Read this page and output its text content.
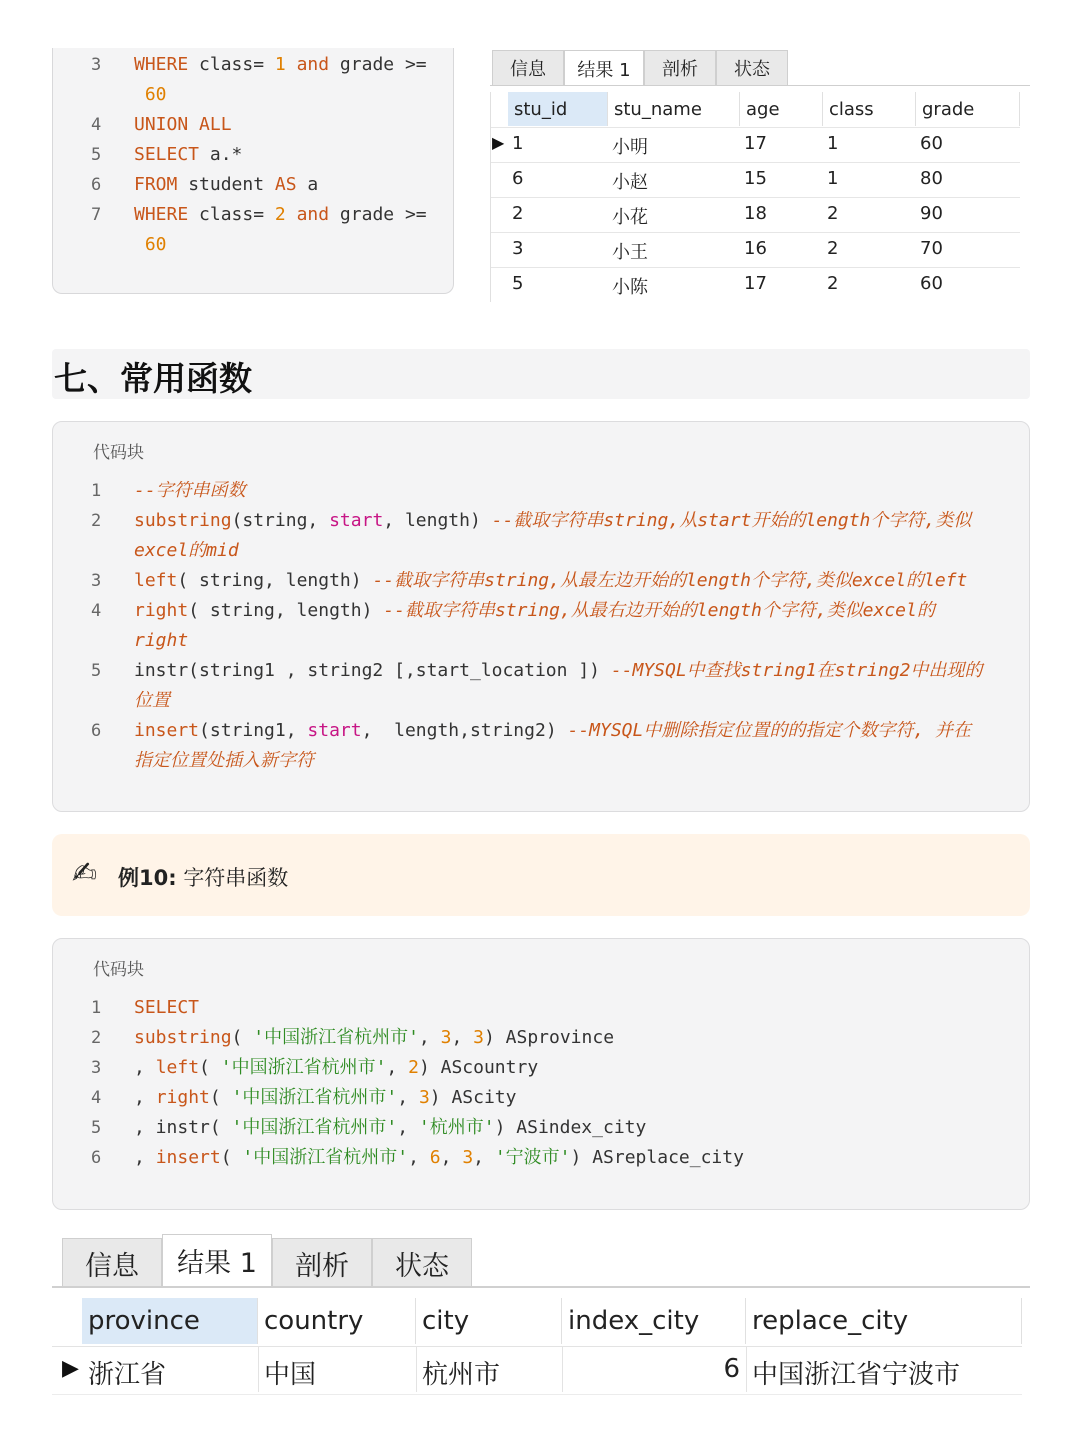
3 WHERE class= 1 and grade >=
60
4 UNION ALL
5 SELECT a.*
6 FROM student AS a
7 WHERE class= 2 and grade >=
60
信息 结果 1 剖析 状态
stu_id	stu_name	age	class	grade
▶ 1	小明	17	1	60
6	小赵	15	1	80
2	小花	18	2	90
3	小王	16	2	70
5	小陈	17	2	60
七、常用函数
代码块
1 --字符串函数
2 substring(string, start, length) --截取字符串string,从start开始的length个字符,类似
excel的mid
3 left( string, length) --截取字符串string,从最左边开始的length个字符,类似excel的left
4 right( string, length) --截取字符串string,从最右边开始的length个字符,类似excel的
right
5 instr(string1 , string2 [,start_location ]) --MYSQL中查找string1在string2中出现的
位置
6 insert(string1, start,  length,string2) --MYSQL中删除指定位置的的指定个数字符, 并在
指定位置处插入新字符
✍ 例10: 字符串函数
代码块
1 SELECT
2 substring( '中国浙江省杭州市', 3, 3) ASprovince
3 , left( '中国浙江省杭州市', 2) AScountry
4 , right( '中国浙江省杭州市', 3) AScity
5 , instr( '中国浙江省杭州市', '杭州市') ASindex_city
6 , insert( '中国浙江省杭州市', 6, 3, '宁波市') ASreplace_city
信息 结果 1 剖析 状态
province	country	city	index_city	replace_city
▶ 浙江省	中国	杭州市	6 中国浙江省宁波市
